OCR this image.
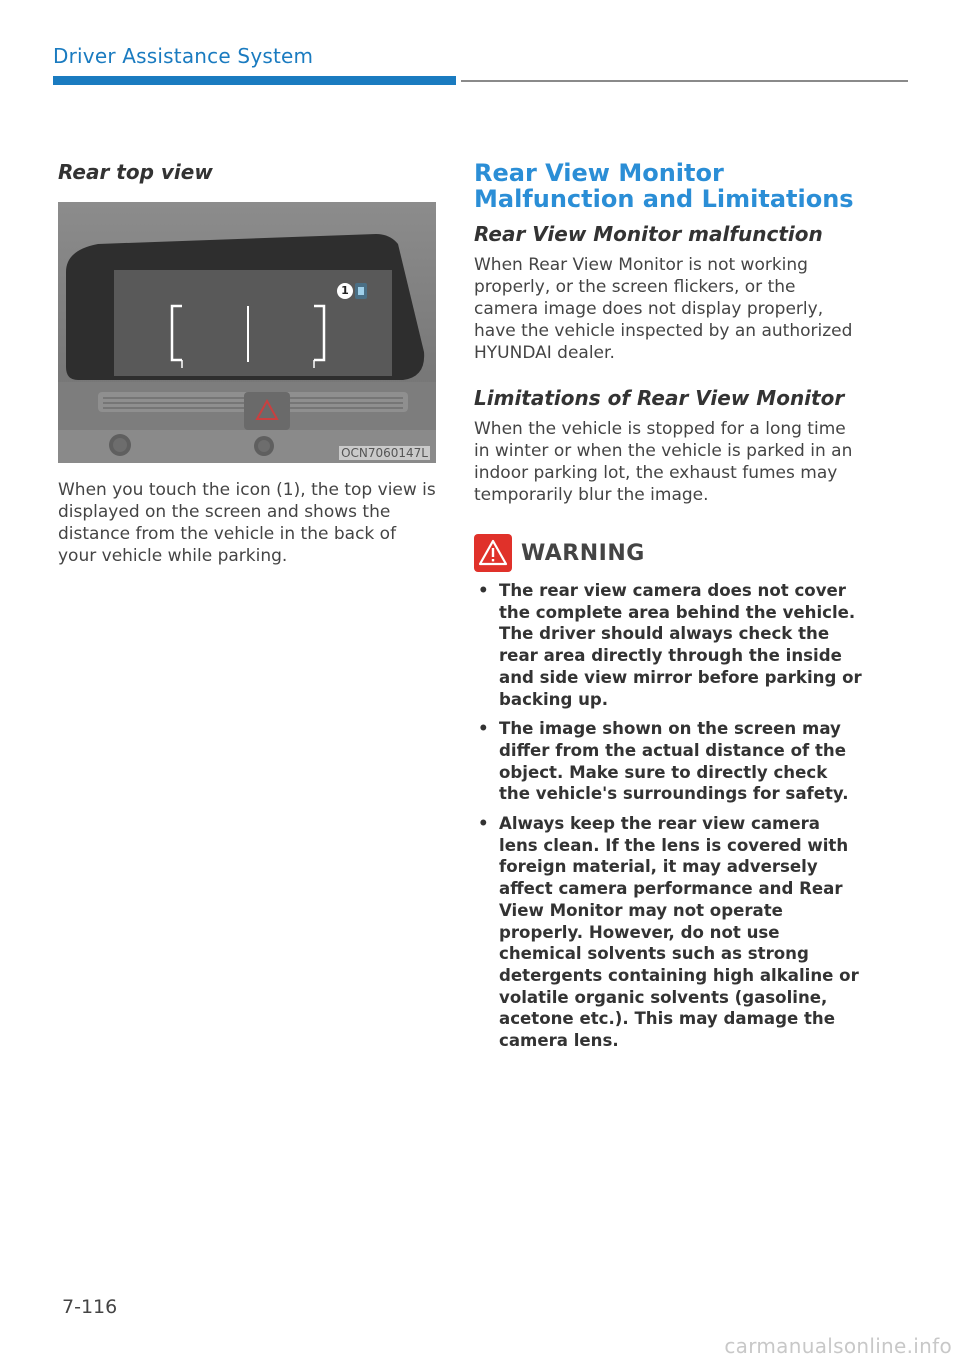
Driver Assistance System
Rear top view
1
OCN7060147L

When you touch the icon (1), the top view is displayed on the screen and shows the distance from the vehicle in the back of your vehicle while parking.

Rear View Monitor Malfunction and Limitations
Rear View Monitor malfunction

When Rear View Monitor is not working properly, or the screen flickers, or the camera image does not display properly, have the vehicle inspected by an authorized HYUNDAI dealer.

Limitations of Rear View Monitor

When the vehicle is stopped for a long time in winter or when the vehicle is parked in an indoor parking lot, the exhaust fumes may temporarily blur the image.

WARNING
• The rear view camera does not cover the complete area behind the vehicle. The driver should always check the rear area directly through the inside and side view mirror before parking or backing up.
• The image shown on the screen may differ from the actual distance of the object. Make sure to directly check the vehicle's surroundings for safety.
• Always keep the rear view camera lens clean. If the lens is covered with foreign material, it may adversely affect camera performance and Rear View Monitor may not operate properly. However, do not use chemical solvents such as strong detergents containing high alkaline or volatile organic solvents (gasoline, acetone etc.). This may damage the camera lens.
7-116
carmanualsonline.info
